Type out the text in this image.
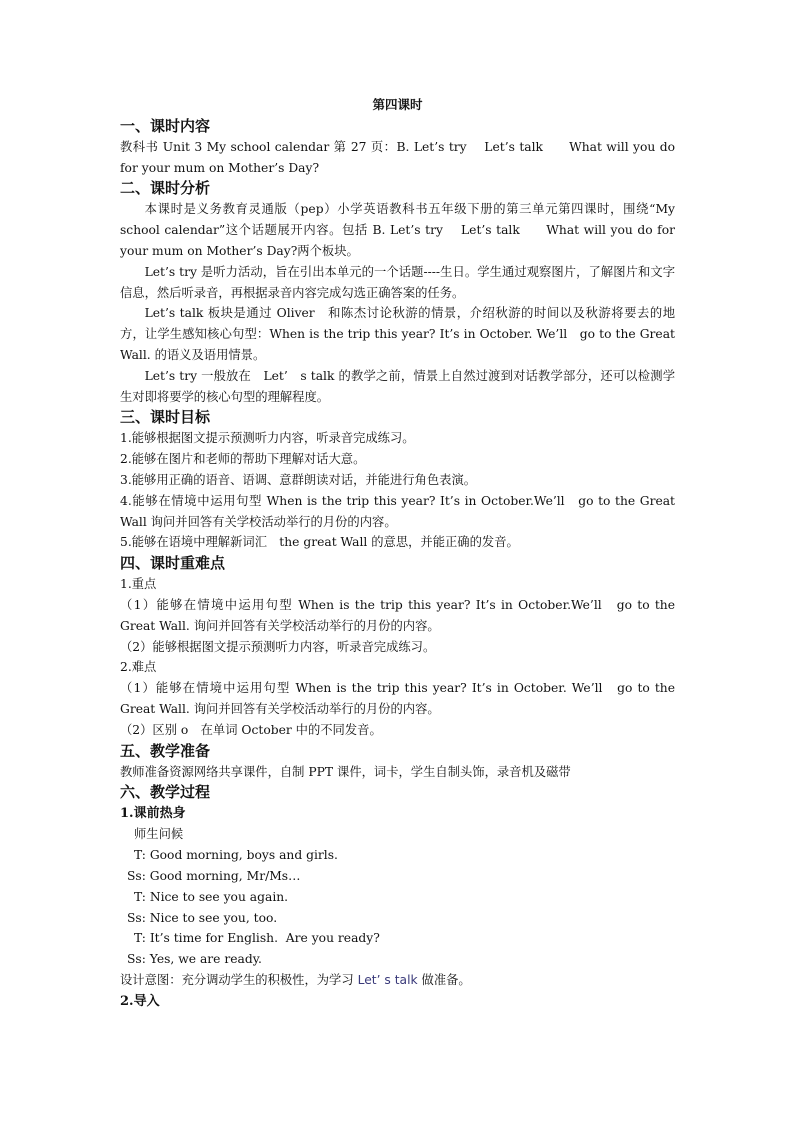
第四课时
一、课时内容

教科书 Unit 3 My school calendar 第 27 页：B. Let’s try　 Let’s talk　　What will you do for your mum on Mother’s Day?

二、课时分析

本课时是义务教育灵通版（pep）小学英语教科书五年级下册的第三单元第四课时，围绕“My school calendar”这个话题展开内容。包括 B. Let’s try　 Let’s talk　　What will you do for your mum on Mother’s Day?两个板块。

Let’s try 是听力活动，旨在引出本单元的一个话题----生日。学生通过观察图片，了解图片和文字信息，然后听录音，再根据录音内容完成勾选正确答案的任务。

Let’s talk 板块是通过 Oliver　和陈杰讨论秋游的情景，介绍秋游的时间以及秋游将要去的地方，让学生感知核心句型：When is the trip this year? It’s in October. We’ll　go to the Great Wall. 的语义及语用情景。

Let’s try 一般放在　Let’　s talk 的教学之前，情景上自然过渡到对话教学部分，还可以检测学生对即将要学的核心句型的理解程度。

三、课时目标

1.能够根据图文提示预测听力内容，听录音完成练习。

2.能够在图片和老师的帮助下理解对话大意。

3.能够用正确的语音、语调、意群朗读对话，并能进行角色表演。

4.能够在情境中运用句型 When is the trip this year? It’s in October.We’ll　go to the Great Wall 询问并回答有关学校活动举行的月份的内容。

5.能够在语境中理解新词汇　the great Wall 的意思，并能正确的发音。

四、课时重难点

1.重点

（1）能够在情境中运用句型 When is the trip this year? It’s in October.We’ll　go to the Great Wall. 询问并回答有关学校活动举行的月份的内容。

（2）能够根据图文提示预测听力内容，听录音完成练习。

2.难点

（1）能够在情境中运用句型 When is the trip this year? It’s in October. We’ll　go to the Great Wall. 询问并回答有关学校活动举行的月份的内容。

（2）区别 o　在单词 October 中的不同发音。

五、教学准备

教师准备资源网络共享课件，自制 PPT 课件，词卡，学生自制头饰，录音机及磁带

六、教学过程
1.课前热身

师生问候

T: Good morning, boys and girls.

Ss: Good morning, Mr/Ms…

T: Nice to see you again.

Ss: Nice to see you, too.

T: It’s time for English.  Are you ready?

Ss: Yes, we are ready.

设计意图：充分调动学生的积极性，为学习 Let’ s talk 做准备。

2.导入
